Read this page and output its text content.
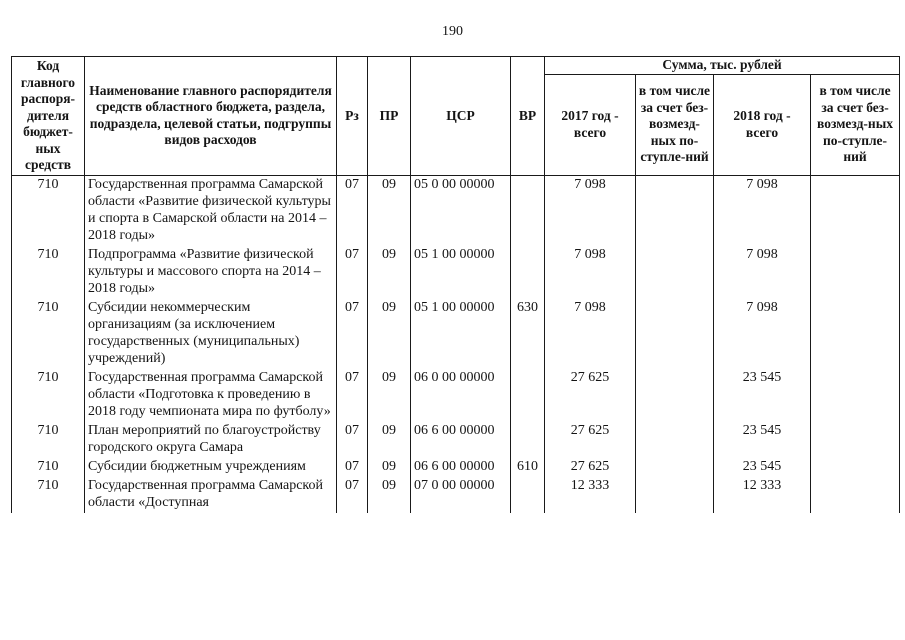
190
Код главного распоря-дителя бюджет-ных средств	Наименование главного распорядителя средств областного бюджета, раздела, подраздела, целевой статьи, подгруппы видов расходов	Рз	ПР	ЦСР	ВР	Сумма, тыс. рублей			
						2017 год - всего	в том числе за счет без-возмезд-ных по-ступле-ний	2018 год - всего	в том числе за счет без-возмезд-ных по-ступле-ний
710	Государственная программа Самарской области «Развитие физической культуры и спорта в Самарской области на 2014 – 2018 годы»	07	09	05 0 00 00000		7 098		7 098	
710	Подпрограмма «Развитие физической культуры и массового спорта на 2014 – 2018 годы»	07	09	05 1 00 00000		7 098		7 098	
710	Субсидии некоммерческим организациям (за исключением государственных (муниципальных) учреждений)	07	09	05 1 00 00000	630	7 098		7 098	
710	Государственная программа Самарской области «Подготовка к проведению в 2018 году чемпионата мира по футболу»	07	09	06 0 00 00000		27 625		23 545	
710	План мероприятий по благоустройству городского округа Самара	07	09	06 6 00 00000		27 625		23 545	
710	Субсидии бюджетным учреждениям	07	09	06 6 00 00000	610	27 625		23 545	
710	Государственная программа Самарской области «Доступная	07	09	07 0 00 00000		12 333		12 333	
